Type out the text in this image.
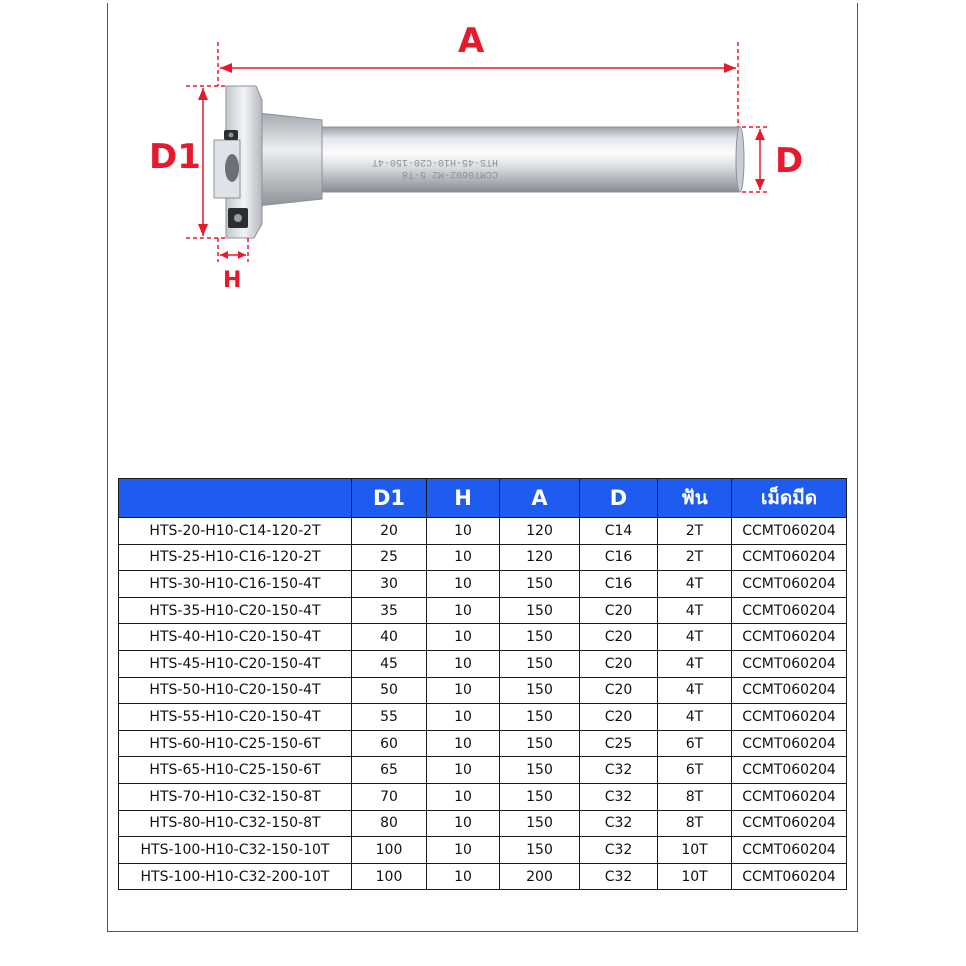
HTS-45-H10-C20-150-4T
CCMT0602-M2 5-T8
A
D1	D
H
	D1	H	A	D	ฟัน	เม็ดมีด
HTS-20-H10-C14-120-2T	20	10	120	C14	2T	CCMT060204
HTS-25-H10-C16-120-2T	25	10	120	C16	2T	CCMT060204
HTS-30-H10-C16-150-4T	30	10	150	C16	4T	CCMT060204
HTS-35-H10-C20-150-4T	35	10	150	C20	4T	CCMT060204
HTS-40-H10-C20-150-4T	40	10	150	C20	4T	CCMT060204
HTS-45-H10-C20-150-4T	45	10	150	C20	4T	CCMT060204
HTS-50-H10-C20-150-4T	50	10	150	C20	4T	CCMT060204
HTS-55-H10-C20-150-4T	55	10	150	C20	4T	CCMT060204
HTS-60-H10-C25-150-6T	60	10	150	C25	6T	CCMT060204
HTS-65-H10-C25-150-6T	65	10	150	C32	6T	CCMT060204
HTS-70-H10-C32-150-8T	70	10	150	C32	8T	CCMT060204
HTS-80-H10-C32-150-8T	80	10	150	C32	8T	CCMT060204
HTS-100-H10-C32-150-10T	100	10	150	C32	10T	CCMT060204
HTS-100-H10-C32-200-10T	100	10	200	C32	10T	CCMT060204
